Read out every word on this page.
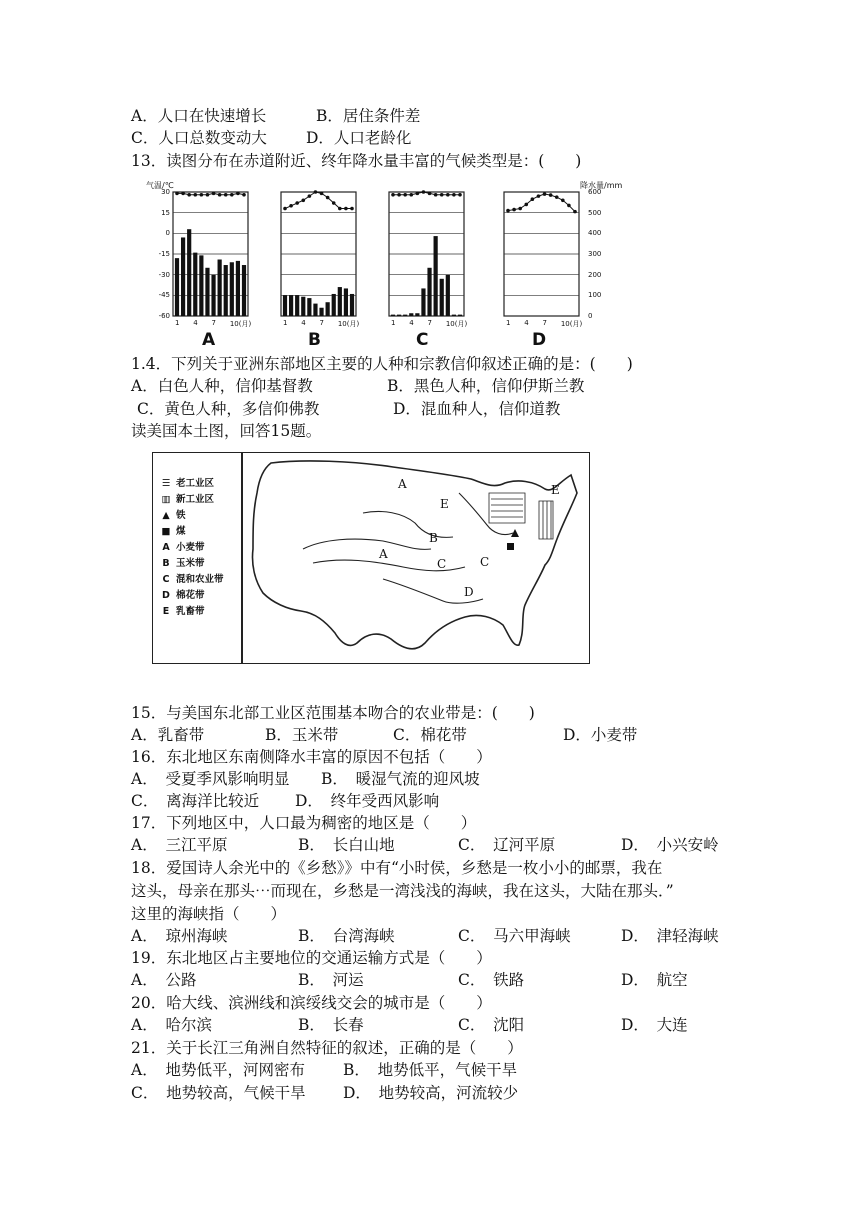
A．人口在快速增长	B．居住条件差
C．人口总数变动大	D．人口老龄化
13．读图分布在赤道附近、终年降水量丰富的气候类型是：(　　)
气温/℃	降水量/mm
30
15
0
-15
-30
-45
-60
600
500
400
300
200
100
0
1 4 7 10(月)	1 4 7 10(月)	1 4 7 10(月)	1 4 7 10(月)
A	B	C	D
1.4．下列关于亚洲东部地区主要的人种和宗教信仰叙述正确的是：(　　)
A．白色人种，信仰基督教	B．黑色人种，信仰伊斯兰教
C．黄色人种，多信仰佛教	D．混血种人，信仰道教
读美国本土图，回答15题。
☰ 老工业区
▥ 新工业区
▲ 铁
■ 煤
A 小麦带
B 玉米带
C 混和农业带
D 棉花带
E 乳畜带
A
E
E
B
C	C
A
D
15．与美国东北部工业区范围基本吻合的农业带是：(　　)
A．乳畜带	B．玉米带	C．棉花带	D．小麦带
16．东北地区东南侧降水丰富的原因不包括（　　）
A．　受夏季风影响明显 B．　暖湿气流的迎风坡
C．　离海洋比较近 D．　终年受西风影响
17．下列地区中，人口最为稠密的地区是（　　）
A．　三江平原	B．　长白山地	C．　辽河平原	D．　小兴安岭
18．爱国诗人余光中的《乡愁》》中有“小时侯，乡愁是一枚小小的邮票，我在
这头，母亲在那头⋯而现在，乡愁是一湾浅浅的海峡，我在这头，大陆在那头．”
这里的海峡指（　　）
A．　琼州海峡	B．　台湾海峡	C．　马六甲海峡	D．　津轻海峡
19．东北地区占主要地位的交通运输方式是（　　）
A．　公路	B．　河运	C．　铁路	D．　航空
20．哈大线、滨洲线和滨绥线交会的城市是（　　）
A．　哈尔滨	B．　长春	C．　沈阳	D．　大连
21．关于长江三角洲自然特征的叙述，正确的是（　　）
A．　地势低平，河网密布 B．　地势低平，气候干旱
C．　地势较高，气候干旱 D．　地势较高，河流较少
